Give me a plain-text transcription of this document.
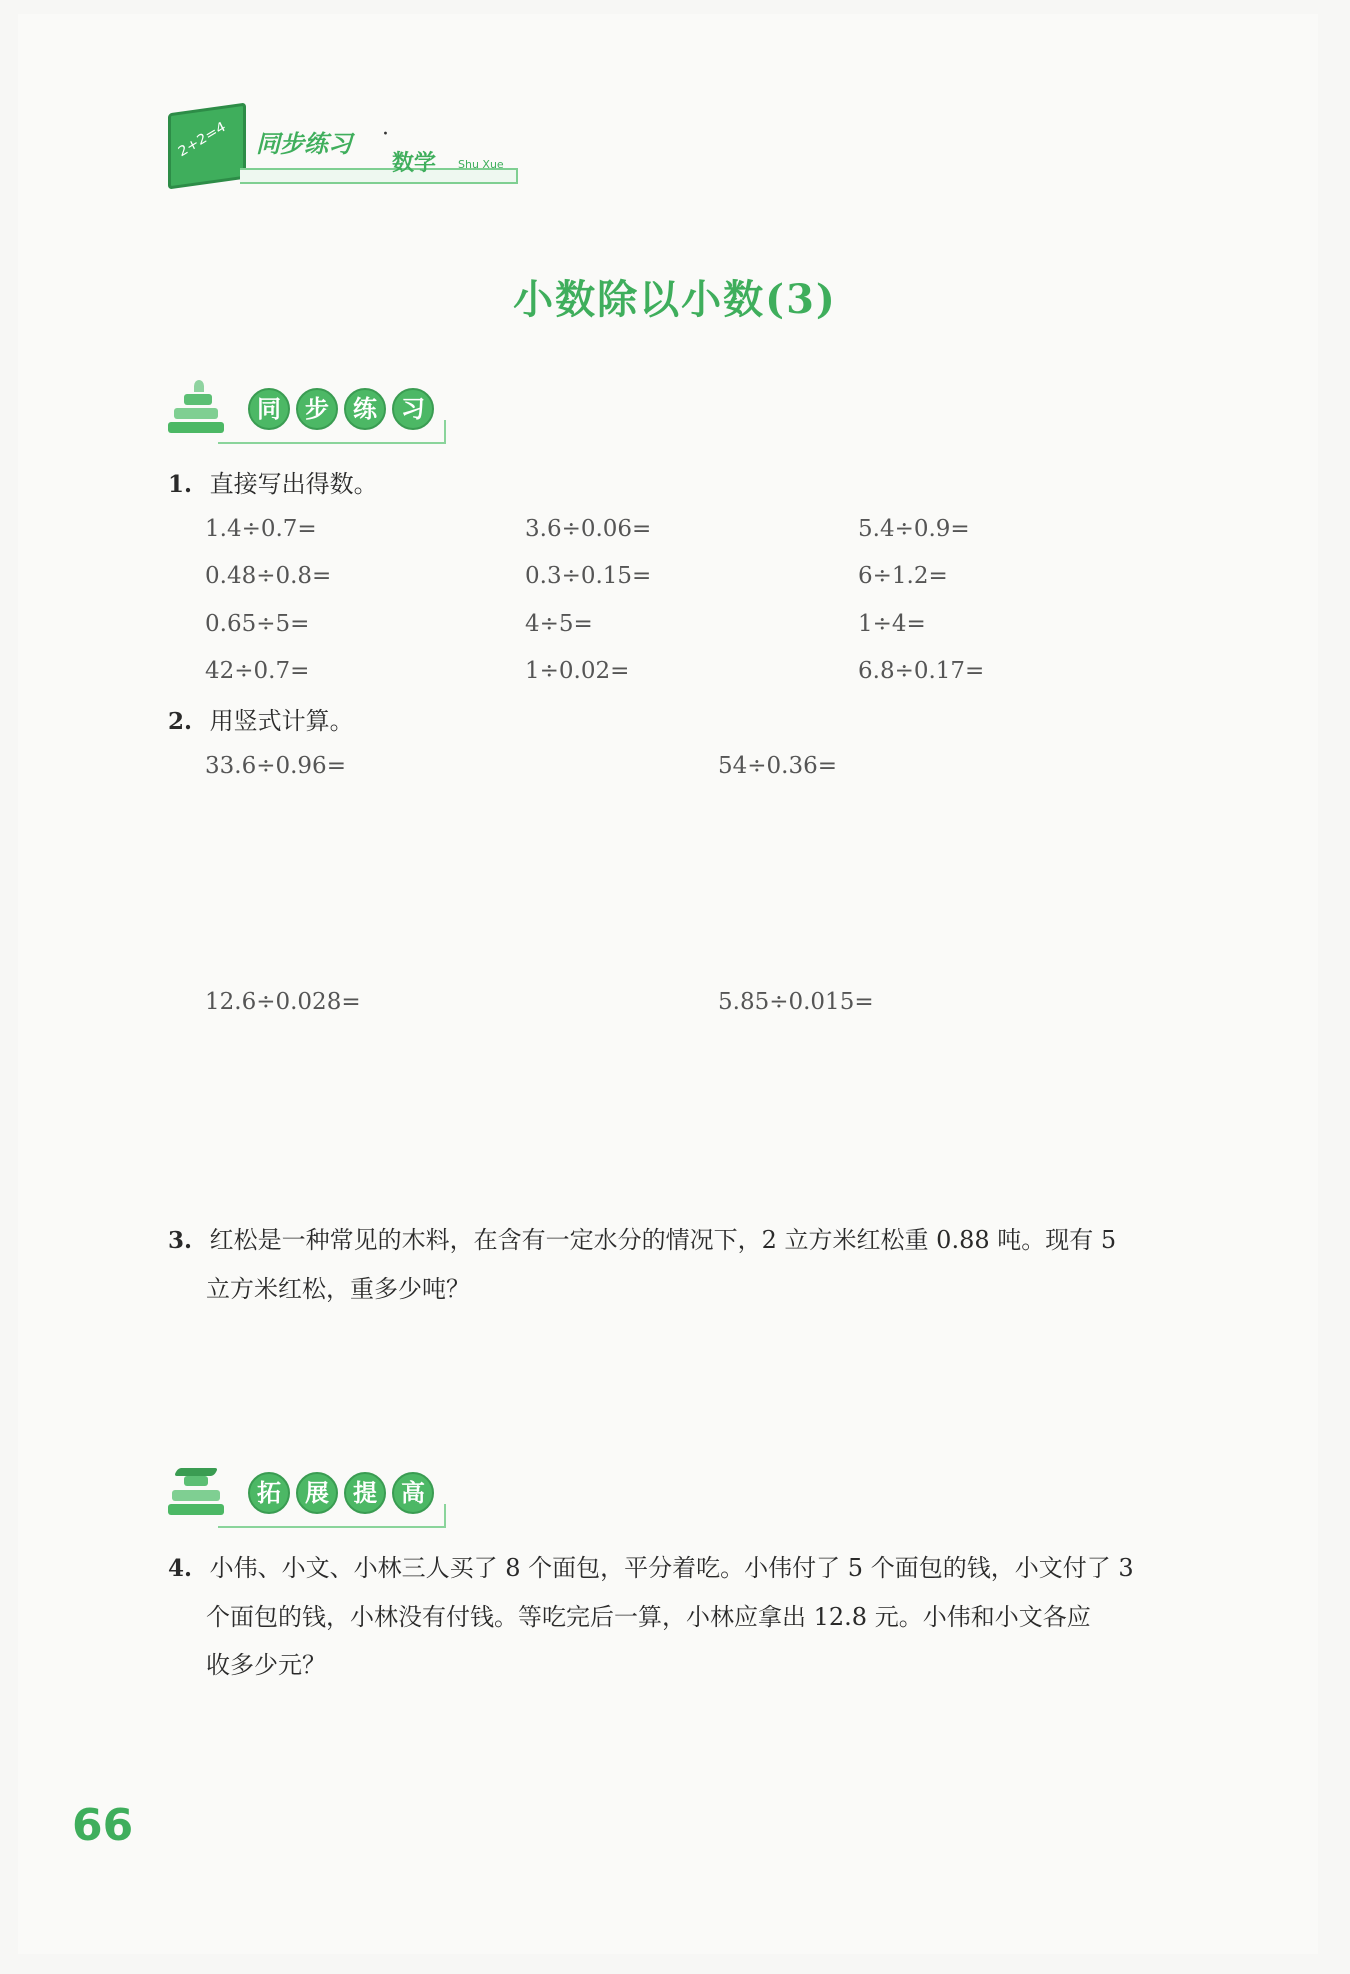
2+2=4 同步练习 ·
数学 Shu Xue
小数除以小数(3)
同	步	练	习
1. 直接写出得数。
1.4÷0.7=	3.6÷0.06=	5.4÷0.9=
0.48÷0.8=	0.3÷0.15=	6÷1.2=
0.65÷5=	4÷5=	1÷4=
42÷0.7=	1÷0.02=	6.8÷0.17=
2. 用竖式计算。
33.6÷0.96=	54÷0.36=
12.6÷0.028=	5.85÷0.015=
3. 红松是一种常见的木料，在含有一定水分的情况下，2 立方米红松重 0.88 吨。现有 5
立方米红松，重多少吨？
拓	展	提	高
4. 小伟、小文、小林三人买了 8 个面包，平分着吃。小伟付了 5 个面包的钱，小文付了 3
个面包的钱，小林没有付钱。等吃完后一算，小林应拿出 12.8 元。小伟和小文各应
收多少元？
66
